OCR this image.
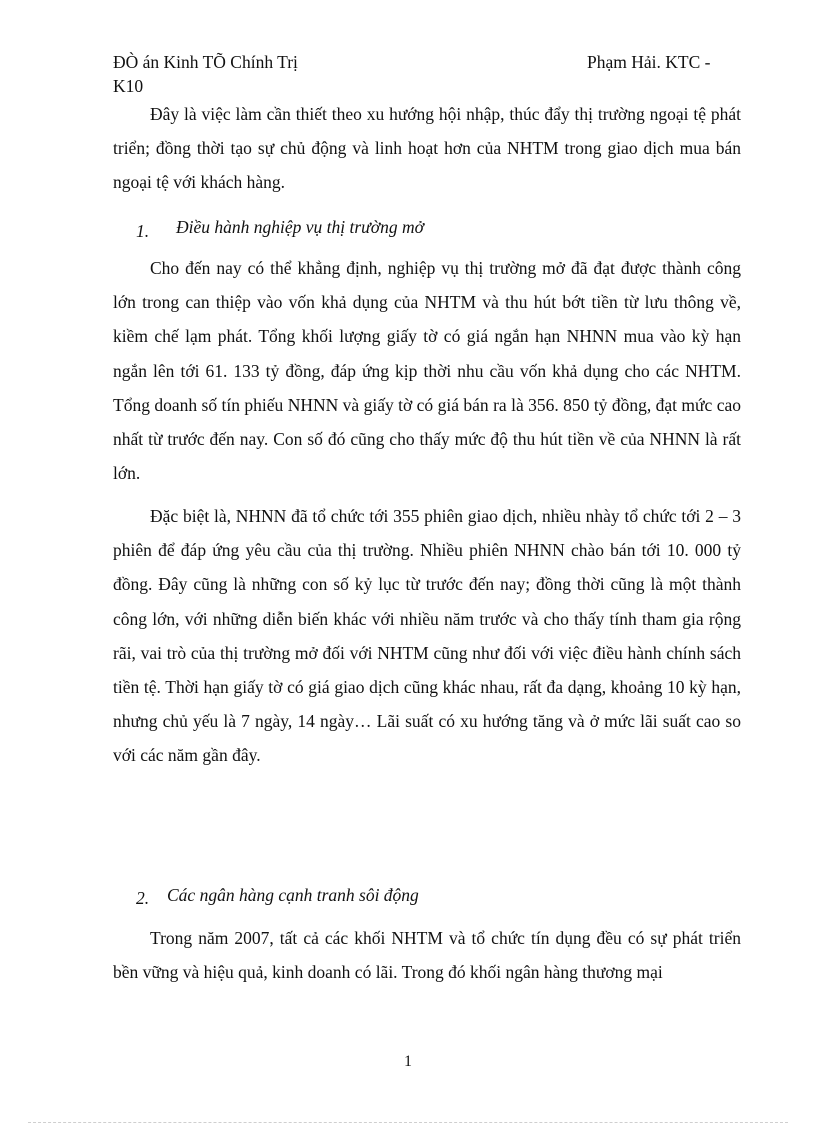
ĐÒ án Kinh TÕ Chính Trị	Phạm Hải. KTC -
K10

Đây là việc làm cần thiết theo xu hướng hội nhập, thúc đẩy thị trường ngoại tệ phát triển; đồng thời tạo sự chủ động và linh hoạt hơn của NHTM trong giao dịch mua bán ngoại tệ với khách hàng.

1. Điều hành nghiệp vụ thị trường mở

Cho đến nay có thể khẳng định, nghiệp vụ thị trường mở đã đạt được thành công lớn trong can thiệp vào vốn khả dụng của NHTM và thu hút bớt tiền từ lưu thông về, kiềm chế lạm phát. Tổng khối lượng giấy tờ có giá ngắn hạn NHNN mua vào kỳ hạn ngắn lên tới 61. 133 tỷ đồng, đáp ứng kịp thời nhu cầu vốn khả dụng cho các NHTM. Tổng doanh số tín phiếu NHNN và giấy tờ có giá bán ra là 356. 850 tỷ đồng, đạt mức cao nhất từ trước đến nay. Con số đó cũng cho thấy mức độ thu hút tiền về của NHNN là rất lớn.

Đặc biệt là, NHNN đã tổ chức tới 355 phiên giao dịch, nhiều nhày tổ chức tới 2 – 3 phiên để đáp ứng yêu cầu của thị trường. Nhiều phiên NHNN chào bán tới 10. 000 tỷ đồng. Đây cũng là những con số kỷ lục từ trước đến nay; đồng thời cũng là một thành công lớn, với những diễn biến khác với nhiều năm trước và cho thấy tính tham gia rộng rãi, vai trò của thị trường mở đối với NHTM cũng như đối với việc điều hành chính sách tiền tệ. Thời hạn giấy tờ có giá giao dịch cũng khác nhau, rất đa dạng, khoảng 10 kỳ hạn, nhưng chủ yếu là 7 ngày, 14 ngày… Lãi suất có xu hướng tăng và ở mức lãi suất cao so với các năm gần đây.

2. Các ngân hàng cạnh tranh sôi động

Trong năm 2007, tất cả các khối NHTM và tổ chức tín dụng đều có sự phát triển bền vững và hiệu quả, kinh doanh có lãi. Trong đó khối ngân hàng thương mại

1
